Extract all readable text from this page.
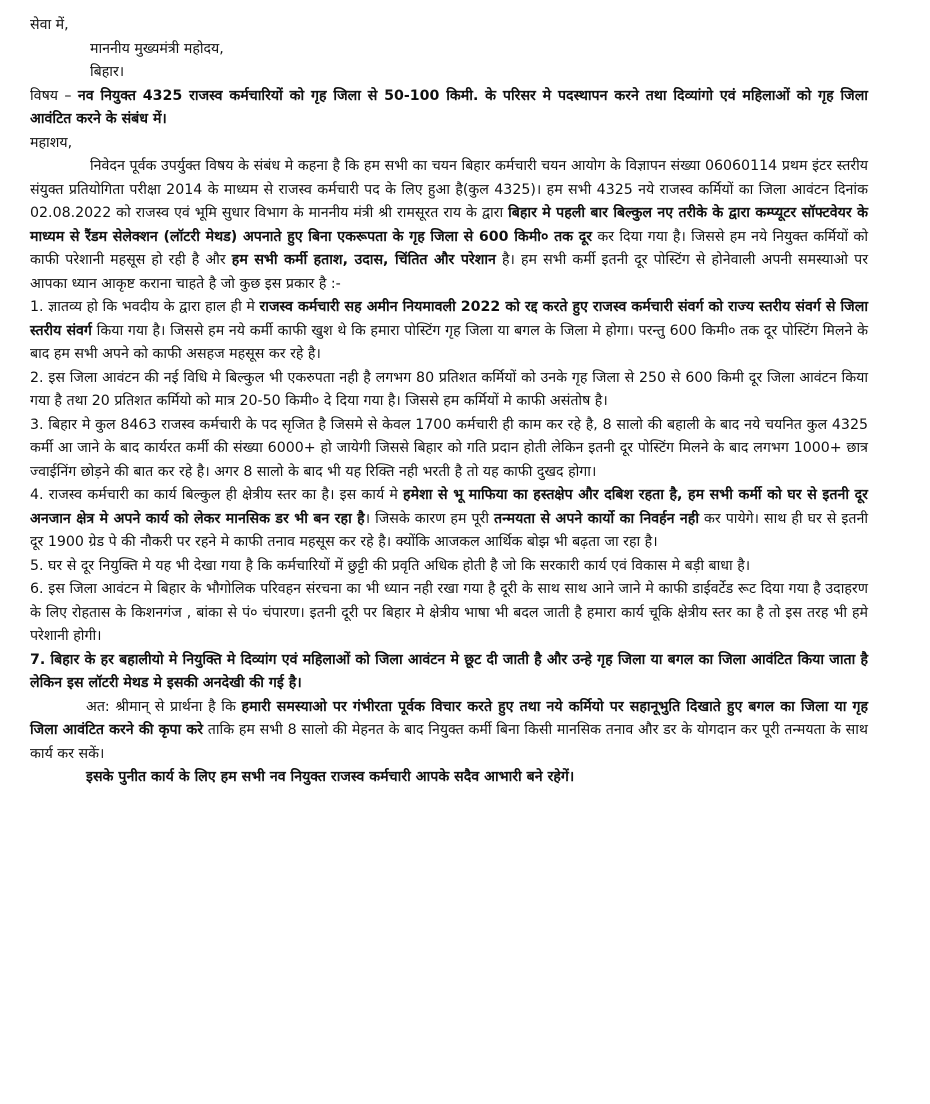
सेवा में,

माननीय मुख्यमंत्री महोदय,

बिहार।

विषय – नव नियुक्त 4325 राजस्व कर्मचारियों को गृह जिला से 50-100 किमी. के परिसर मे पदस्थापन करने तथा दिव्यांगो एवं महिलाओं को गृह जिला आवंटित करने के संबंध में।

महाशय,

निवेदन पूर्वक उपर्युक्त विषय के संबंध मे कहना है कि हम सभी का चयन बिहार कर्मचारी चयन आयोग के विज्ञापन संख्या 06060114 प्रथम इंटर स्तरीय संयुक्त प्रतियोगिता परीक्षा 2014 के माध्यम से राजस्व कर्मचारी पद के लिए हुआ है(कुल 4325)। हम सभी 4325 नये राजस्व कर्मियों का जिला आवंटन दिनांक 02.08.2022 को राजस्व एवं भूमि सुधार विभाग के माननीय मंत्री श्री रामसूरत राय के द्वारा बिहार मे पहली बार बिल्कुल नए तरीके के द्वारा कम्प्यूटर सॉफ्टवेयर के माध्यम से रैंडम सेलेक्शन (लॉटरी मेथड) अपनाते हुए बिना एकरूपता के गृह जिला से 600 किमी० तक दूर कर दिया गया है। जिससे हम नये नियुक्त कर्मियों को काफी परेशानी महसूस हो रही है और हम सभी कर्मी हताश, उदास, चिंतित और परेशान है। हम सभी कर्मी इतनी दूर पोस्टिंग से होनेवाली अपनी समस्याओ पर आपका ध्यान आकृष्ट कराना चाहते है जो कुछ इस प्रकार है :-

1. ज्ञातव्य हो कि भवदीय के द्वारा हाल ही मे राजस्व कर्मचारी सह अमीन नियमावली 2022 को रद्द करते हुए राजस्व कर्मचारी संवर्ग को राज्य स्तरीय संवर्ग से जिला स्तरीय संवर्ग किया गया है। जिससे हम नये कर्मी काफी खुश थे कि हमारा पोस्टिंग गृह जिला या बगल के जिला मे होगा। परन्तु 600 किमी० तक दूर पोस्टिंग मिलने के बाद हम सभी अपने को काफी असहज महसूस कर रहे है।

2. इस जिला आवंटन की नई विधि मे बिल्कुल भी एकरुपता नही है लगभग 80 प्रतिशत कर्मियों को उनके गृह जिला से 250 से 600 किमी दूर जिला आवंटन किया गया है तथा 20 प्रतिशत कर्मियो को मात्र 20-50 किमी० दे दिया गया है। जिससे हम कर्मियों मे काफी असंतोष है।

3. बिहार मे कुल 8463 राजस्व कर्मचारी के पद सृजित है जिसमे से केवल 1700 कर्मचारी ही काम कर रहे है, 8 सालो की बहाली के बाद नये चयनित कुल 4325 कर्मी आ जाने के बाद कार्यरत कर्मी की संख्या 6000+ हो जायेगी जिससे बिहार को गति प्रदान होती लेकिन इतनी दूर पोस्टिंग मिलने के बाद लगभग 1000+ छात्र ज्वाईनिंग छोड़ने की बात कर रहे है। अगर 8 सालो के बाद भी यह रिक्ति नही भरती है तो यह काफी दुखद होगा।

4. राजस्व कर्मचारी का कार्य बिल्कुल ही क्षेत्रीय स्तर का है। इस कार्य मे हमेशा से भू माफिया का हस्तक्षेप और दबिश रहता है, हम सभी कर्मी को घर से इतनी दूर अनजान क्षेत्र मे अपने कार्य को लेकर मानसिक डर भी बन रहा है। जिसके कारण हम पूरी तन्मयता से अपने कार्यो का निवर्हन नही कर पायेगे। साथ ही घर से इतनी दूर 1900 ग्रेड पे की नौकरी पर रहने मे काफी तनाव महसूस कर रहे है। क्योंकि आजकल आर्थिक बोझ भी बढ़ता जा रहा है।

5. घर से दूर नियुक्ति मे यह भी देखा गया है कि कर्मचारियों में छुट्टी की प्रवृति अधिक होती है जो कि सरकारी कार्य एवं विकास मे बड़ी बाधा है।

6. इस जिला आवंटन मे बिहार के भौगोलिक परिवहन संरचना का भी ध्यान नही रखा गया है दूरी के साथ साथ आने जाने मे काफी डाईवर्टेड रूट दिया गया है उदाहरण के लिए रोहतास के किशनगंज , बांका से पं० चंपारण। इतनी दूरी पर बिहार मे क्षेत्रीय भाषा भी बदल जाती है हमारा कार्य चूकि क्षेत्रीय स्तर का है तो इस तरह भी हमे परेशानी होगी।

7. बिहार के हर बहालीयो मे नियुक्ति मे दिव्यांग एवं महिलाओं को जिला आवंटन मे छूट दी जाती है और उन्हे गृह जिला या बगल का जिला आवंटित किया जाता है लेकिन इस लॉटरी मेथड मे इसकी अनदेखी की गई है।

अत: श्रीमान् से प्रार्थना है कि हमारी समस्याओ पर गंभीरता पूर्वक विचार करते हुए तथा नये कर्मियो पर सहानूभुति दिखाते हुए बगल का जिला या गृह जिला आवंटित करने की कृपा करे ताकि हम सभी 8 सालो की मेहनत के बाद नियुक्त कर्मी बिना किसी मानसिक तनाव और डर के योगदान कर पूरी तन्मयता के साथ कार्य कर सकें।

इसके पुनीत कार्य के लिए हम सभी नव नियुक्त राजस्व कर्मचारी आपके सदैव आभारी बने रहेगें।
